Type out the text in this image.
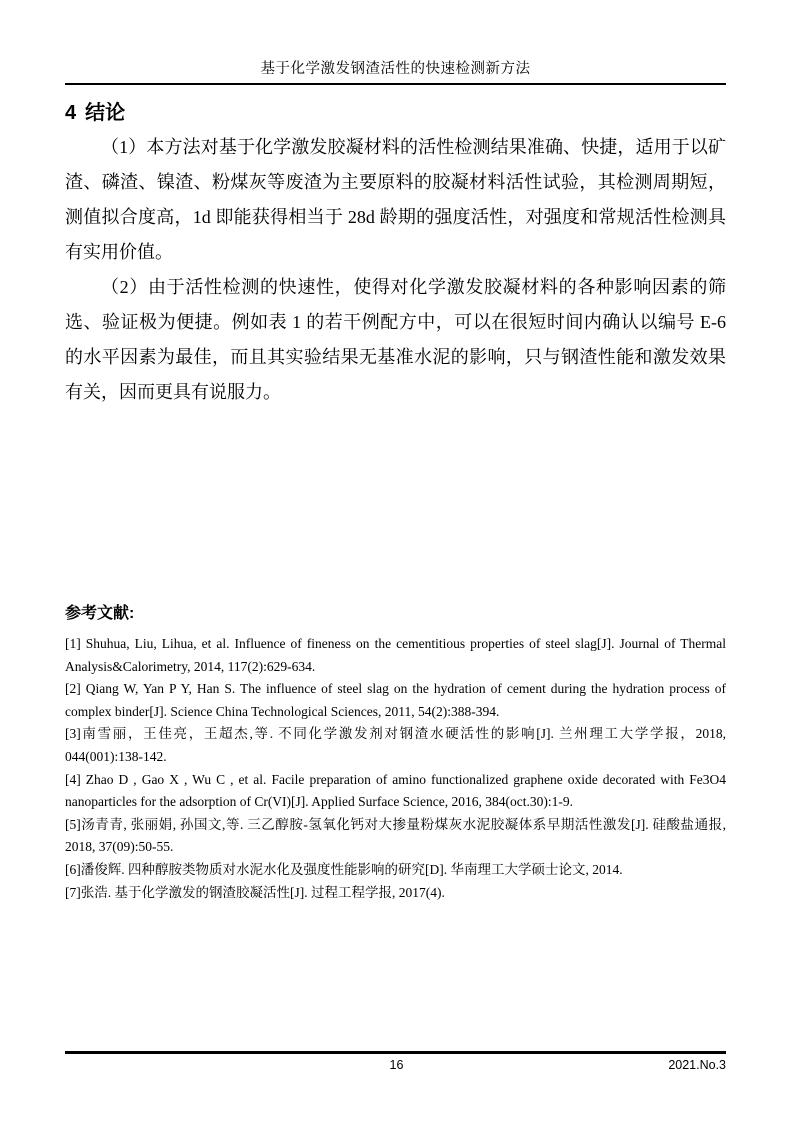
基于化学激发钢渣活性的快速检测新方法
4 结论

（1）本方法对基于化学激发胶凝材料的活性检测结果准确、快捷，适用于以矿渣、磷渣、镍渣、粉煤灰等废渣为主要原料的胶凝材料活性试验，其检测周期短，测值拟合度高，1d 即能获得相当于 28d 龄期的强度活性，对强度和常规活性检测具有实用价值。

（2）由于活性检测的快速性，使得对化学激发胶凝材料的各种影响因素的筛选、验证极为便捷。例如表 1 的若干例配方中，可以在很短时间内确认以编号 E-6 的水平因素为最佳，而且其实验结果无基准水泥的影响，只与钢渣性能和激发效果有关，因而更具有说服力。

参考文献:
[1] Shuhua, Liu, Lihua, et al. Influence of fineness on the cementitious properties of steel slag[J]. Journal of Thermal Analysis&Calorimetry, 2014, 117(2):629-634.
[2] Qiang W, Yan P Y, Han S. The influence of steel slag on the hydration of cement during the hydration process of complex binder[J]. Science China Technological Sciences, 2011, 54(2):388-394.
[3]南雪丽，王佳亮，王超杰,等. 不同化学激发剂对钢渣水硬活性的影响[J]. 兰州理工大学学报，2018, 044(001):138-142.
[4] Zhao D , Gao X , Wu C , et al. Facile preparation of amino functionalized graphene oxide decorated with Fe3O4 nanoparticles for the adsorption of Cr(VI)[J]. Applied Surface Science, 2016, 384(oct.30):1-9.
[5]汤青青, 张丽娟, 孙国文,等. 三乙醇胺-氢氧化钙对大掺量粉煤灰水泥胶凝体系早期活性激发[J]. 硅酸盐通报, 2018, 37(09):50-55.
[6]潘俊辉. 四种醇胺类物质对水泥水化及强度性能影响的研究[D]. 华南理工大学硕士论文, 2014.
[7]张浩. 基于化学激发的钢渣胶凝活性[J]. 过程工程学报, 2017(4).
16	2021.No.3
